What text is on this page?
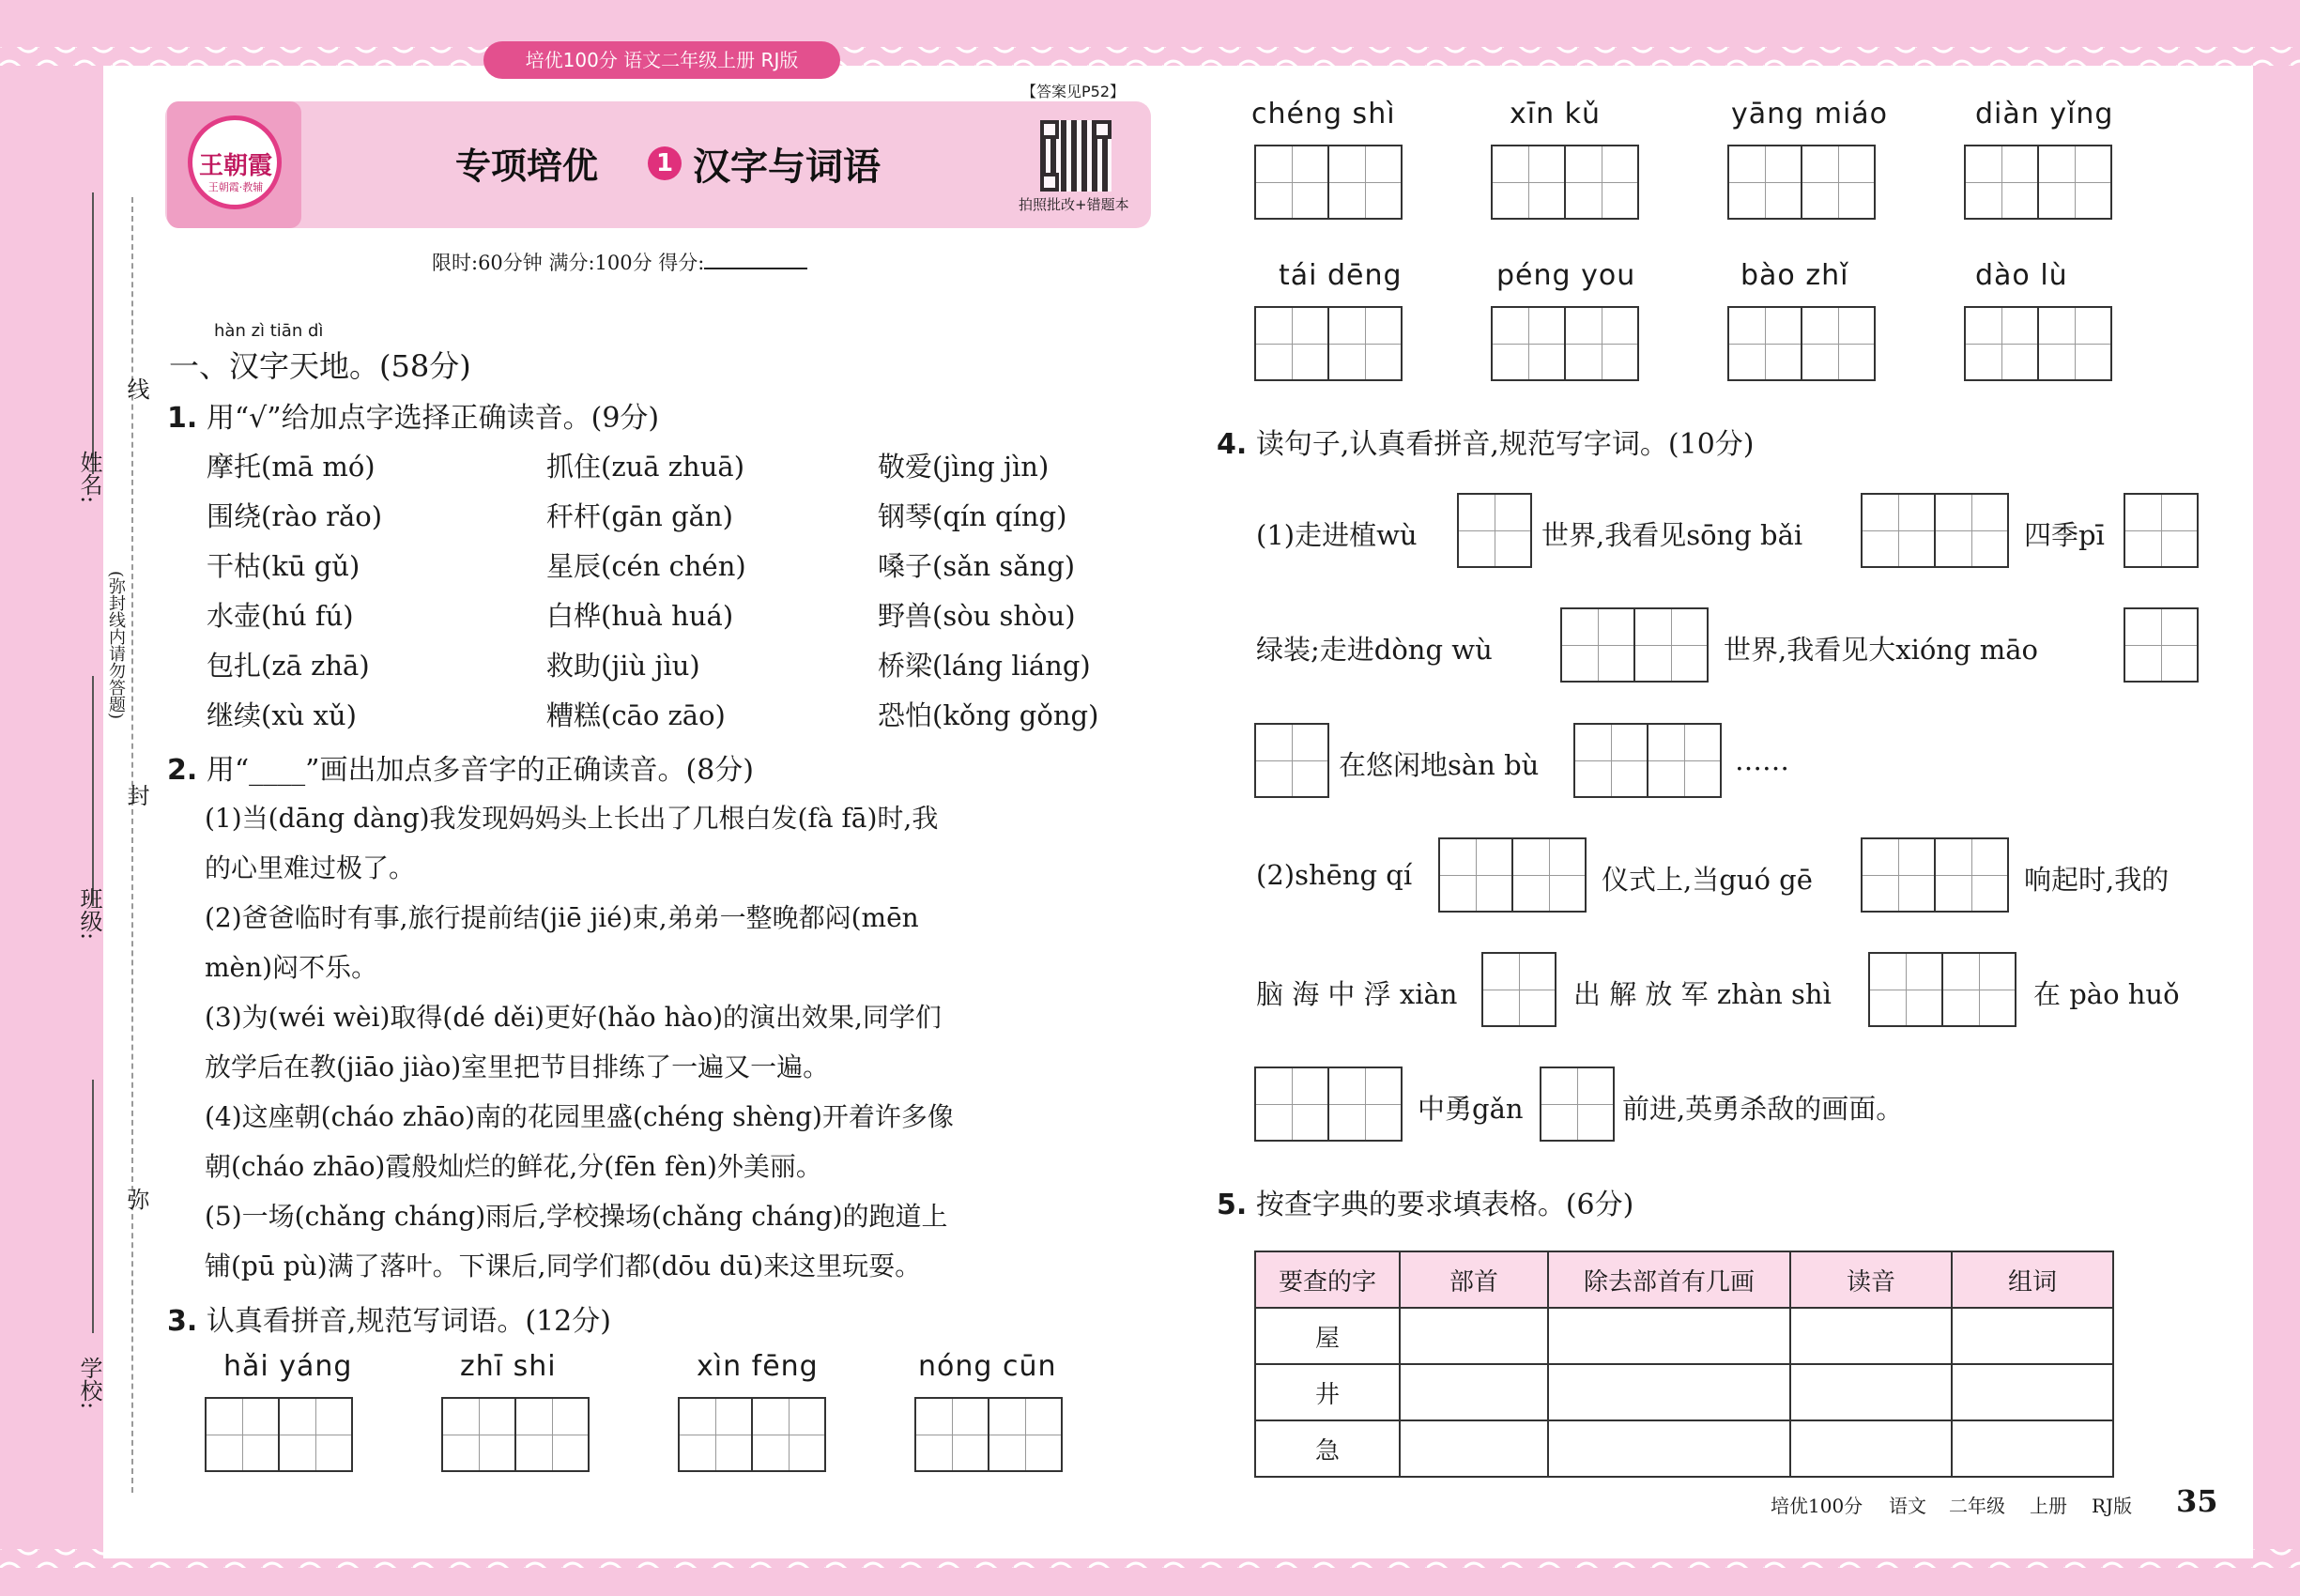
培优100分 语文二年级上册 RJ版
【答案见P52】
王朝霞
王朝霞·教辅
专项培优	1 汉字与词语
拍照批改+错题本
限时:60分钟 满分:100分 得分:
姓名:
线
(弥封线内请勿答题)
封
班级:
弥
学校:
hàn zì tiān dì
一、汉字天地。(58分)
1. 用“√”给加点字选择正确读音。(9分)
摩托(mā mó)	抓住(zuā zhuā)	敬爱(jìng jìn)
围绕(rào rǎo)	秆杆(gān gǎn)	钢琴(qín qíng)
干枯(kū gǔ)	星辰(cén chén)	嗓子(sǎn sǎng)
水壶(hú fú)	白桦(huà huá)	野兽(sòu shòu)
包扎(zā zhā)	救助(jiù jìu)	桥梁(láng liáng)
继续(xù xǔ)	糟糕(cāo zāo)	恐怕(kǒng gǒng)
2. 用“____”画出加点多音字的正确读音。(8分)
(1)当(dāng dàng)我发现妈妈头上长出了几根白发(fà fā)时,我
的心里难过极了。
(2)爸爸临时有事,旅行提前结(jiē jié)束,弟弟一整晚都闷(mēn
mèn)闷不乐。
(3)为(wéi wèi)取得(dé děi)更好(hǎo hào)的演出效果,同学们
放学后在教(jiāo jiào)室里把节目排练了一遍又一遍。
(4)这座朝(cháo zhāo)南的花园里盛(chéng shèng)开着许多像
朝(cháo zhāo)霞般灿烂的鲜花,分(fēn fèn)外美丽。
(5)一场(chǎng cháng)雨后,学校操场(chǎng cháng)的跑道上
铺(pū pù)满了落叶。下课后,同学们都(dōu dū)来这里玩耍。
3. 认真看拼音,规范写词语。(12分)
hǎi yáng	zhī shi	xìn fēng	nóng cūn
chéng shì	xīn kǔ	yāng miáo	diàn yǐng
tái dēng	péng you	bào zhǐ	dào lù
4. 读句子,认真看拼音,规范写字词。(10分)
(1)走进植wù	世界,我看见sōng bǎi	四季pī
绿装;走进dòng wù	世界,我看见大xióng māo
在悠闲地sàn bù	……
(2)shēng qí	仪式上,当guó gē	响起时,我的
脑 海 中 浮 xiàn	出 解 放 军 zhàn shì	在 pào huǒ
中勇gǎn	前进,英勇杀敌的画面。
5. 按查字典的要求填表格。(6分)
要查的字	部首	除去部首有几画	读音	组词
屋				
井				
急				
培优100分 语文 二年级 上册 RJ版 35
